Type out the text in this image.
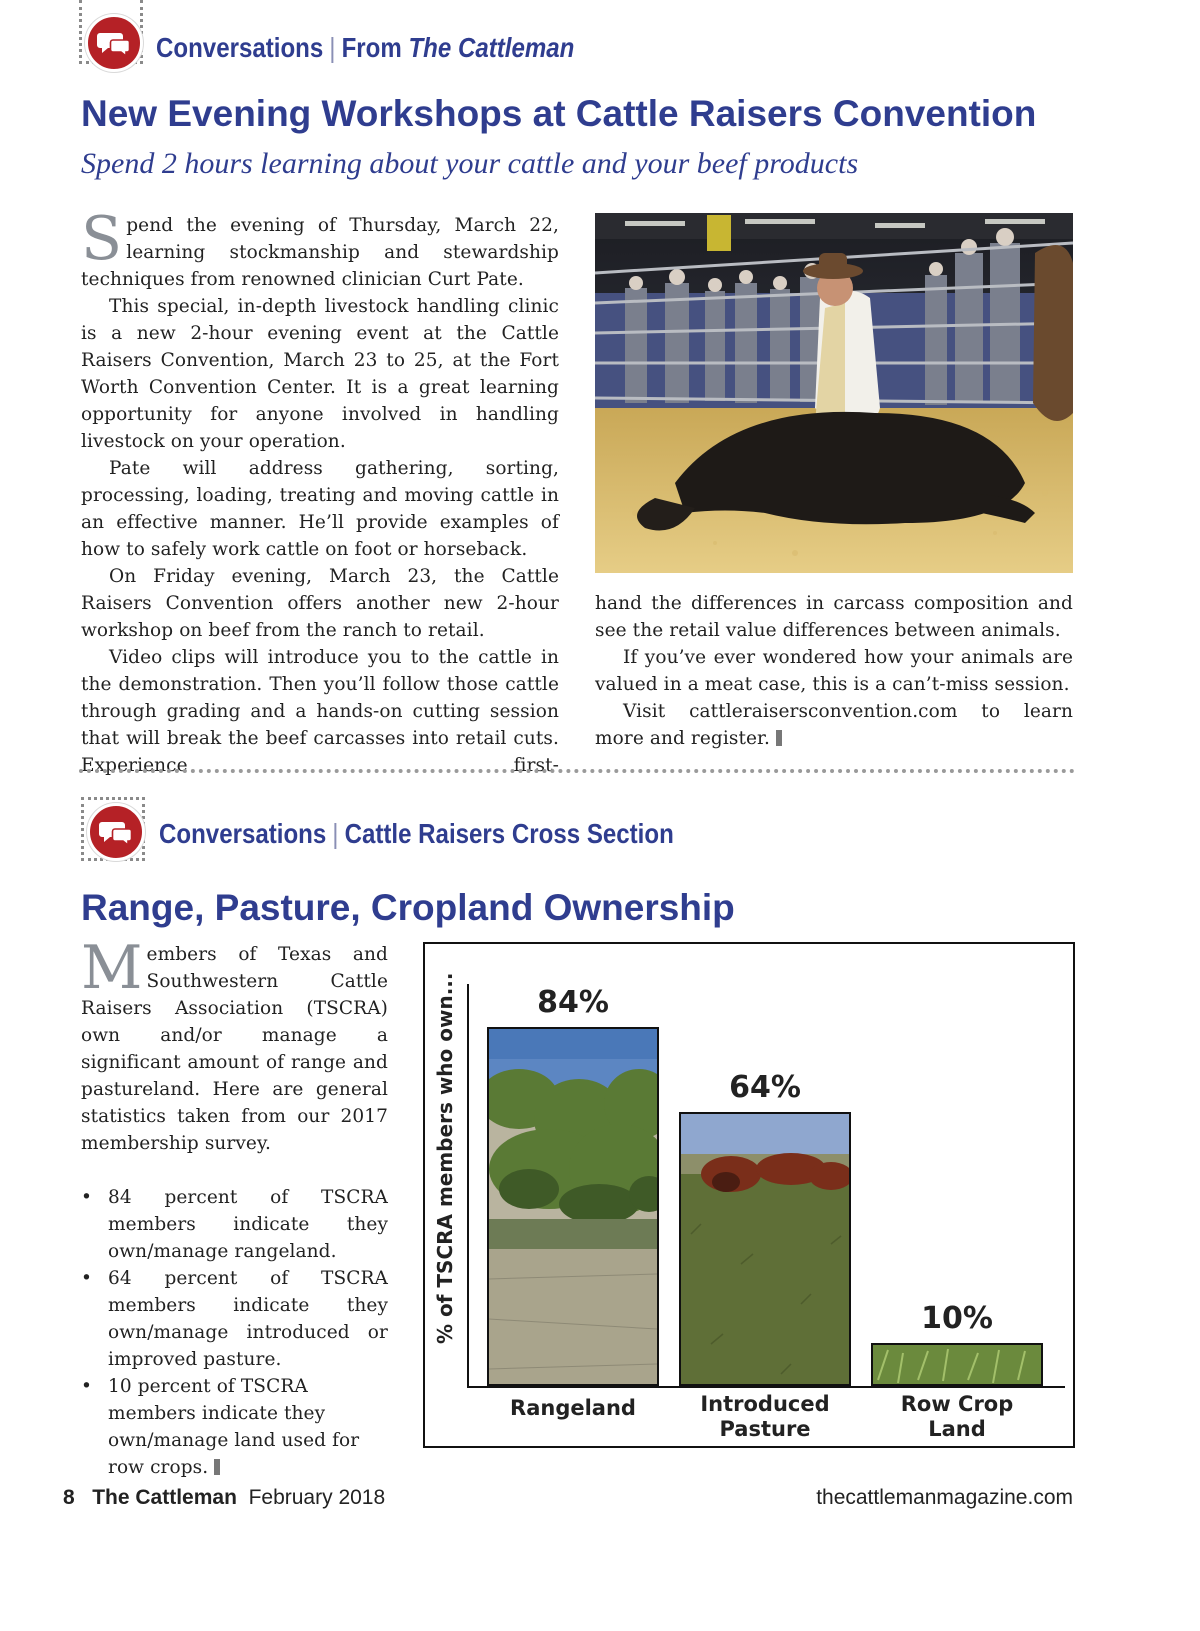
Conversations | From The Cattleman
New Evening Workshops at Cattle Raisers Convention
Spend 2 hours learning about your cattle and your beef products

Spend the evening of Thursday, March 22, learning stockmanship and stewardship techniques from renowned clinician Curt Pate.

This special, in-depth livestock handling clinic is a new 2-hour evening event at the Cattle Raisers Convention, March 23 to 25, at the Fort Worth Convention Center. It is a great learning opportunity for anyone involved in handling livestock on your operation.

Pate will address gathering, sorting, processing, loading, treating and moving cattle in an effective manner. He’ll provide examples of how to safely work cattle on foot or horseback.

On Friday evening, March 23, the Cattle Raisers Convention offers another new 2-hour workshop on beef from the ranch to retail.

Video clips will introduce you to the cattle in the demonstration. Then you’ll follow those cattle through grading and a hands-on cutting session that will break the beef carcasses into retail cuts. Experience first-

hand the differences in carcass composition and see the retail value differences between animals.

If you’ve ever wondered how your animals are valued in a meat case, this is a can’t-miss session.

Visit cattleraisersconvention.com to learn more and register.

Conversations | Cattle Raisers Cross Section
Range, Pasture, Cropland Ownership

Members of Texas and Southwestern Cattle Raisers Association (TSCRA) own and/or manage a significant amount of range and pastureland. Here are general statistics taken from our 2017 membership survey.

• 84 percent of TSCRA members indicate they own/manage rangeland.
• 64 percent of TSCRA members indicate they own/manage introduced or improved pasture.
• 10 percent of TSCRA members indicate they own/manage land used for row crops.
% of TSCRA members who own...	84%
64%
10%
Rangeland	Introduced
Pasture
Row Crop
Land
8 The Cattleman February 2018	thecattlemanmagazine.com
